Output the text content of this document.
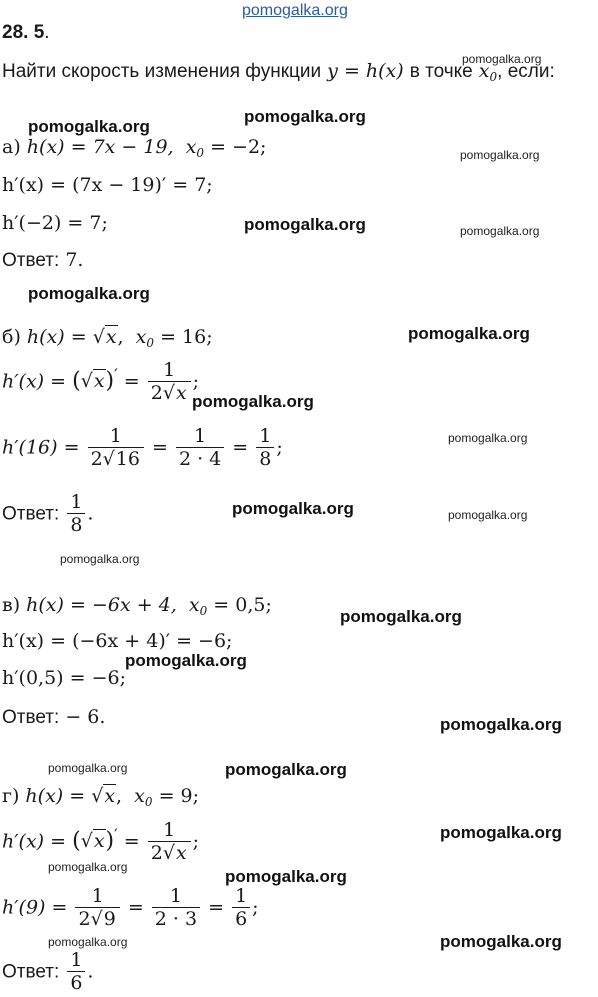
pomogalka.org
28. 5.
pomogalka.org
Найти скорость изменения функции y = h(x) в точке $x_0$, если:
pomogalka.org
pomogalka.org
а) h(x) = 7x − 19, $x_0 = -2$;	pomogalka.org
h′(x) = (7x − 19)′ = 7;
h′(−2) = 7;	pomogalka.org	pomogalka.org
Ответ: 7.
pomogalka.org
б) h(x) = √x,  $x_0 = 16$;	pomogalka.org
$h'(x) = (√x)' = \frac{1}{2√x}$ ;
pomogalka.org
pomogalka.org
$h'(16) = \frac{1}{2√16} = \frac{1}{2 \cdot 4} = \frac{1}{8}$ ;
pomogalka.org	pomogalka.org
Ответ: $\frac{1}{8}$ .
pomogalka.org
в) h(x) = −6x + 4, $x_0 = 0,5$;
pomogalka.org
h′(x) = (−6x + 4)′ = −6;
pomogalka.org
h′(0,5) = −6;
Ответ: − 6.	pomogalka.org
pomogalka.org	pomogalka.org
г) h(x) = √x,  $x_0 = 9$;
pomogalka.org
$h'(x) = (√x)' = \frac{1}{2√x}$ ;
pomogalka.org	pomogalka.org
$h'(9) = \frac{1}{2√9} = \frac{1}{2 \cdot 3} = \frac{1}{6}$ ;
pomogalka.org	pomogalka.org
Ответ: $\frac{1}{6}$ .
